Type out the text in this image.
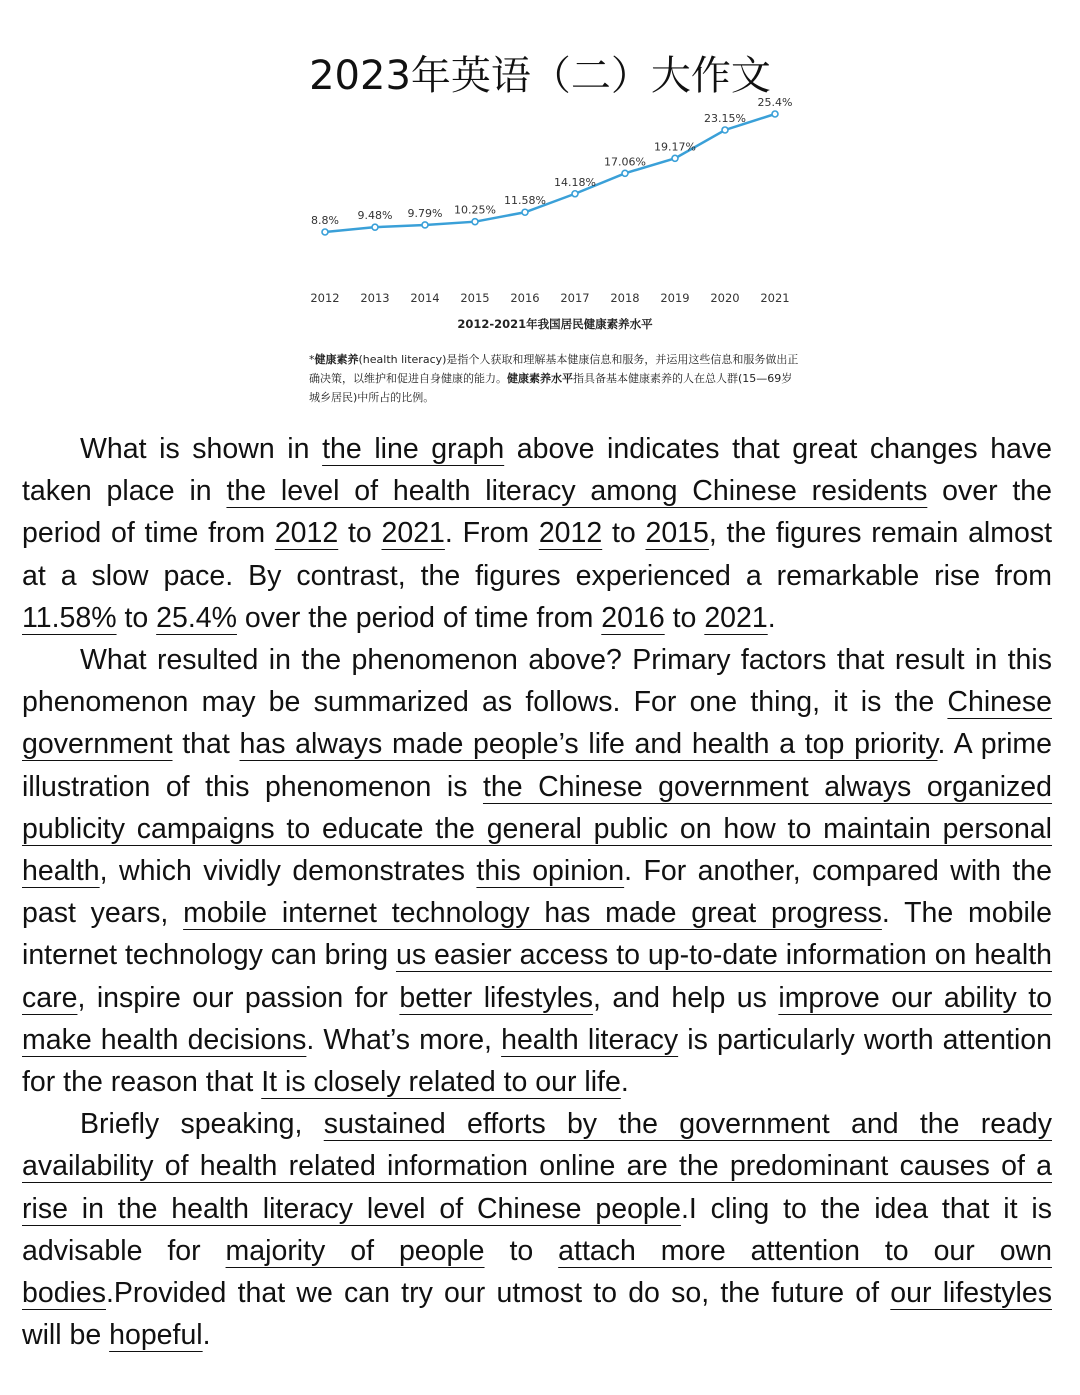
2023年英语（二）大作文
8.8%
2012
9.48%
2013
9.79%
2014
10.25%
2015
11.58%
2016
14.18%
2017
17.06%
2018
19.17%
2019
23.15%
2020
25.4%
2021
2012-2021年我国居民健康素养水平
*健康素养(health literacy)是指个人获取和理解基本健康信息和服务，并运用这些信息和服务做出正确决策，以维护和促进自身健康的能力。健康素养水平指具备基本健康素养的人在总人群(15—69岁城乡居民)中所占的比例。

What is shown in the line graph above indicates that great changes have taken place in the level of health literacy among Chinese residents over the period of time from 2012 to 2021. From 2012 to 2015, the figures remain almost at a slow pace. By contrast, the figures experienced a remarkable rise from 11.58% to 25.4% over the period of time from 2016 to 2021.

What resulted in the phenomenon above? Primary factors that result in this phenomenon may be summarized as follows. For one thing, it is the Chinese government that has always made people’s life and health a top priority. A prime illustration of this phenomenon is the Chinese government always organized publicity campaigns to educate the general public on how to maintain personal health, which vividly demonstrates this opinion. For another, compared with the past years, mobile internet technology has made great progress. The mobile internet technology can bring us easier access to up-to-date information on health care, inspire our passion for better lifestyles, and help us improve our ability to make health decisions. What’s more, health literacy is particularly worth attention for the reason that It is closely related to our life.

Briefly speaking, sustained efforts by the government and the ready availability of health related information online are the predominant causes of a rise in the health literacy level of Chinese people.I cling to the idea that it is advisable for majority of people to attach more attention to our own bodies.Provided that we can try our utmost to do so, the future of our lifestyles will be hopeful.
